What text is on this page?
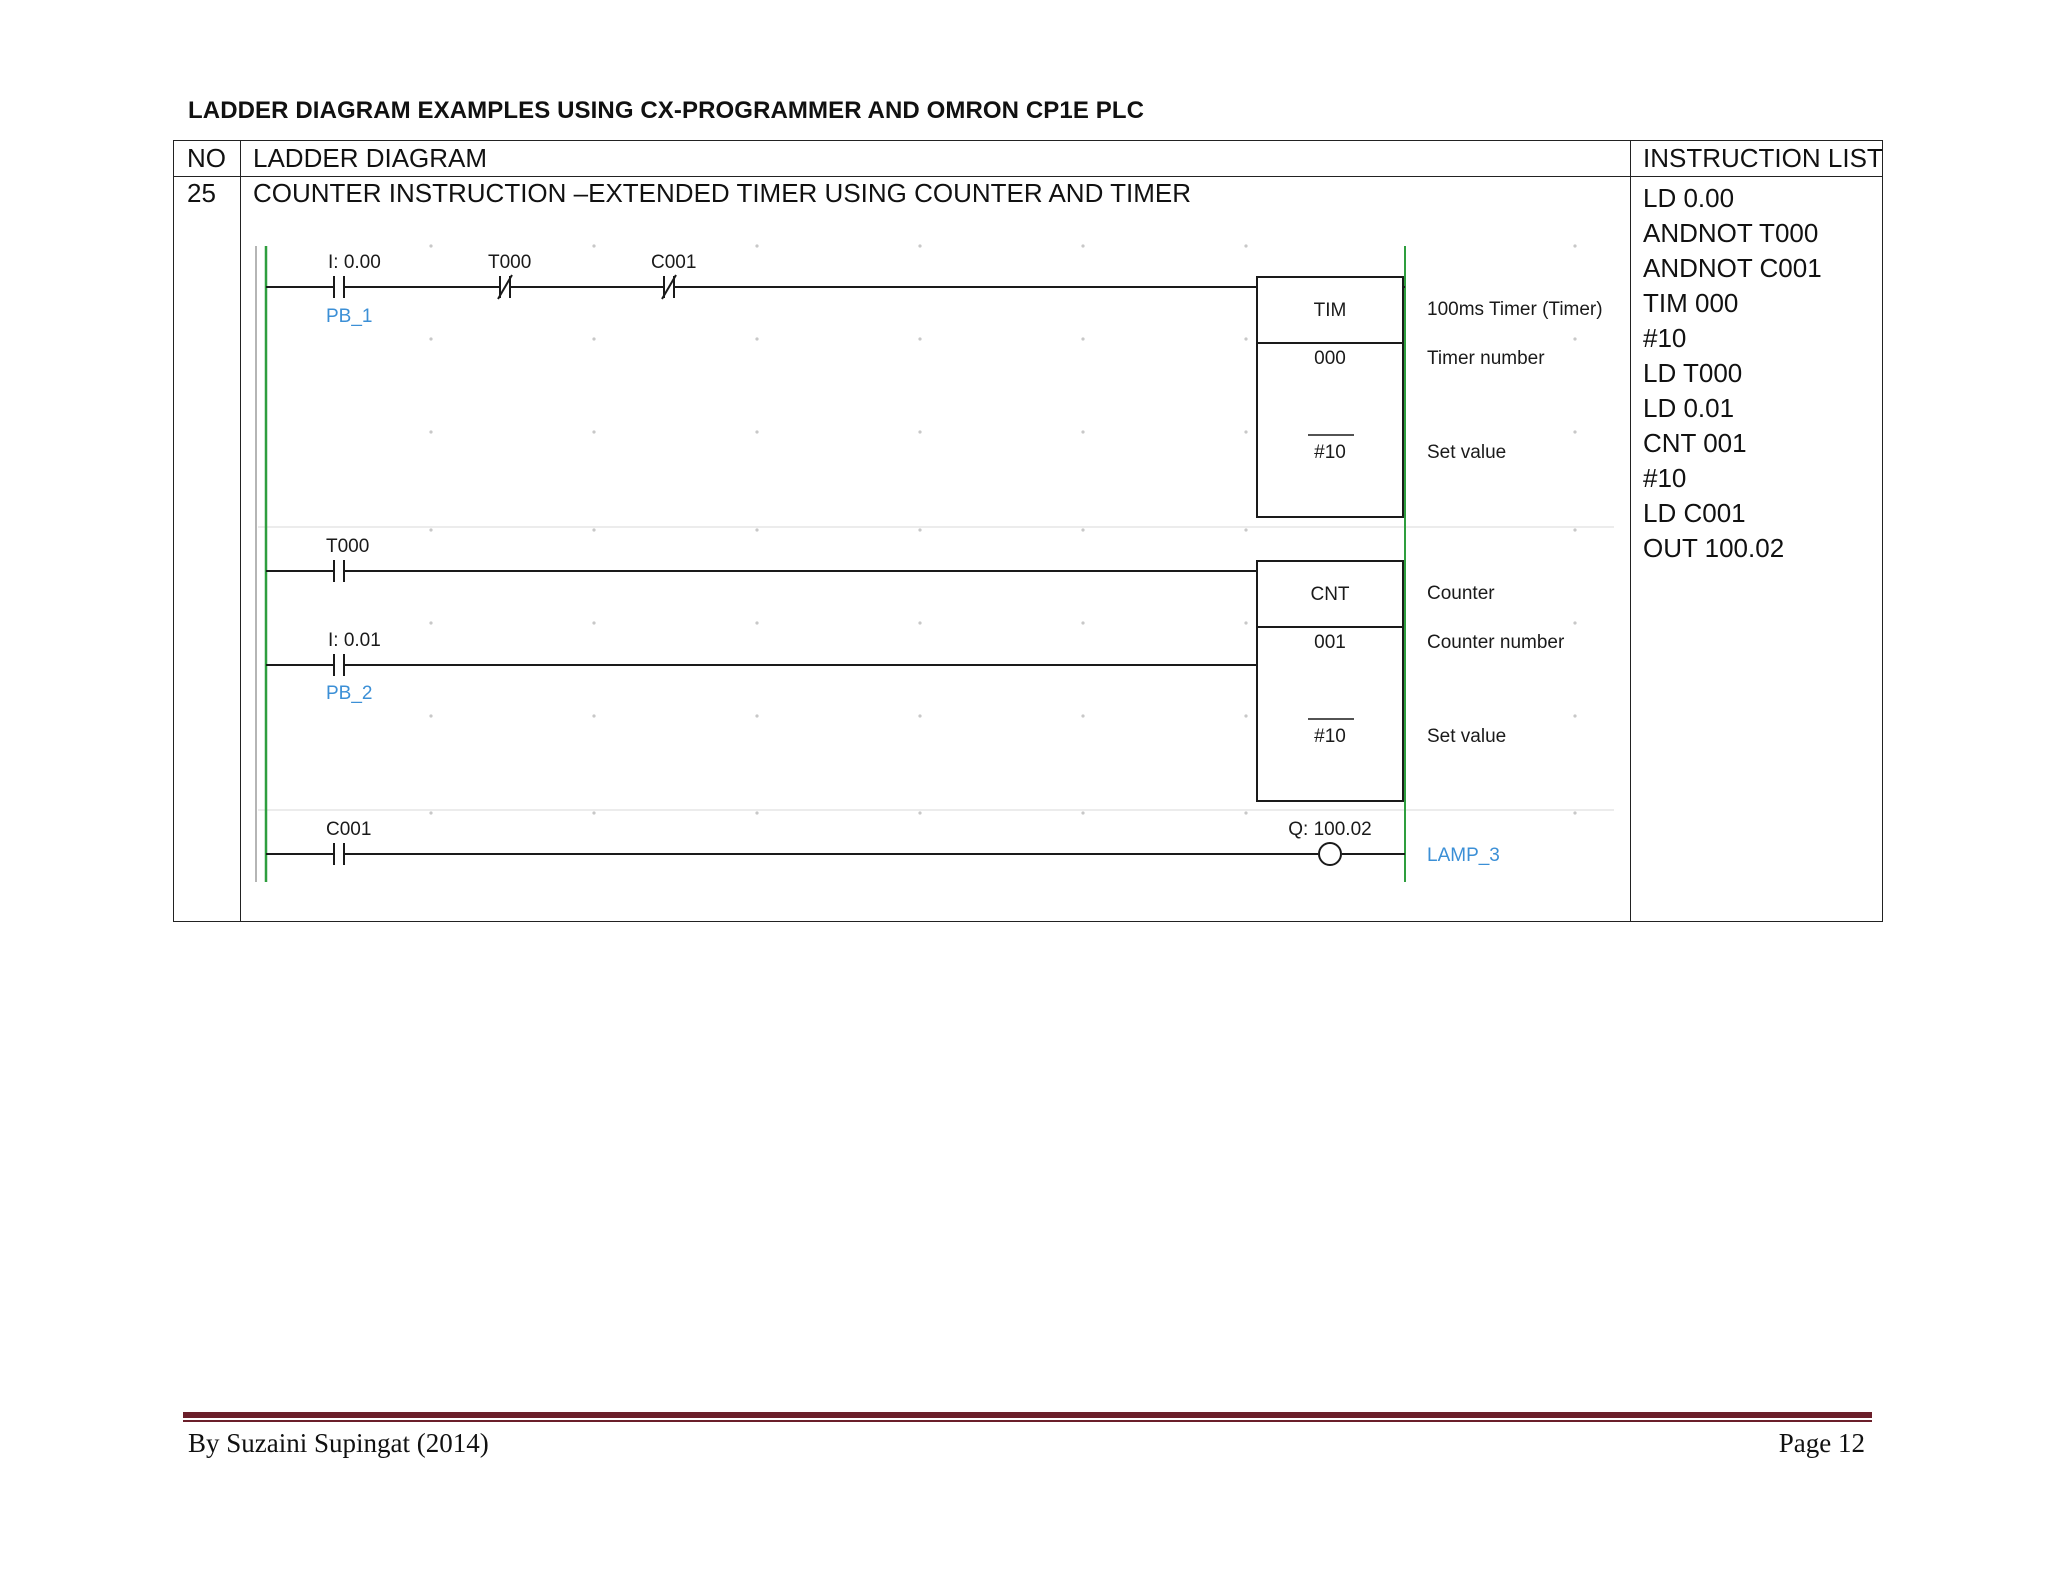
LADDER DIAGRAM EXAMPLES USING CX-PROGRAMMER AND OMRON CP1E PLC
NO LADDER DIAGRAM	INSTRUCTION LIST
25 COUNTER INSTRUCTION –EXTENDED TIMER USING COUNTER AND TIMER	LD 0.00
ANDNOT T000
ANDNOT C001
TIM 000
#10
LD T000
LD 0.01
CNT 001
#10
LD C001
OUT 100.02
I: 0.00
PB_1
T000	C001
TIM
000
#10
100ms Timer (Timer)
Timer number
Set value
T000
I: 0.01
PB_2
CNT
001
#10
Counter
Counter number
Set value
C001	Q: 100.02
LAMP_3
By Suzaini Supingat (2014)	Page 12
